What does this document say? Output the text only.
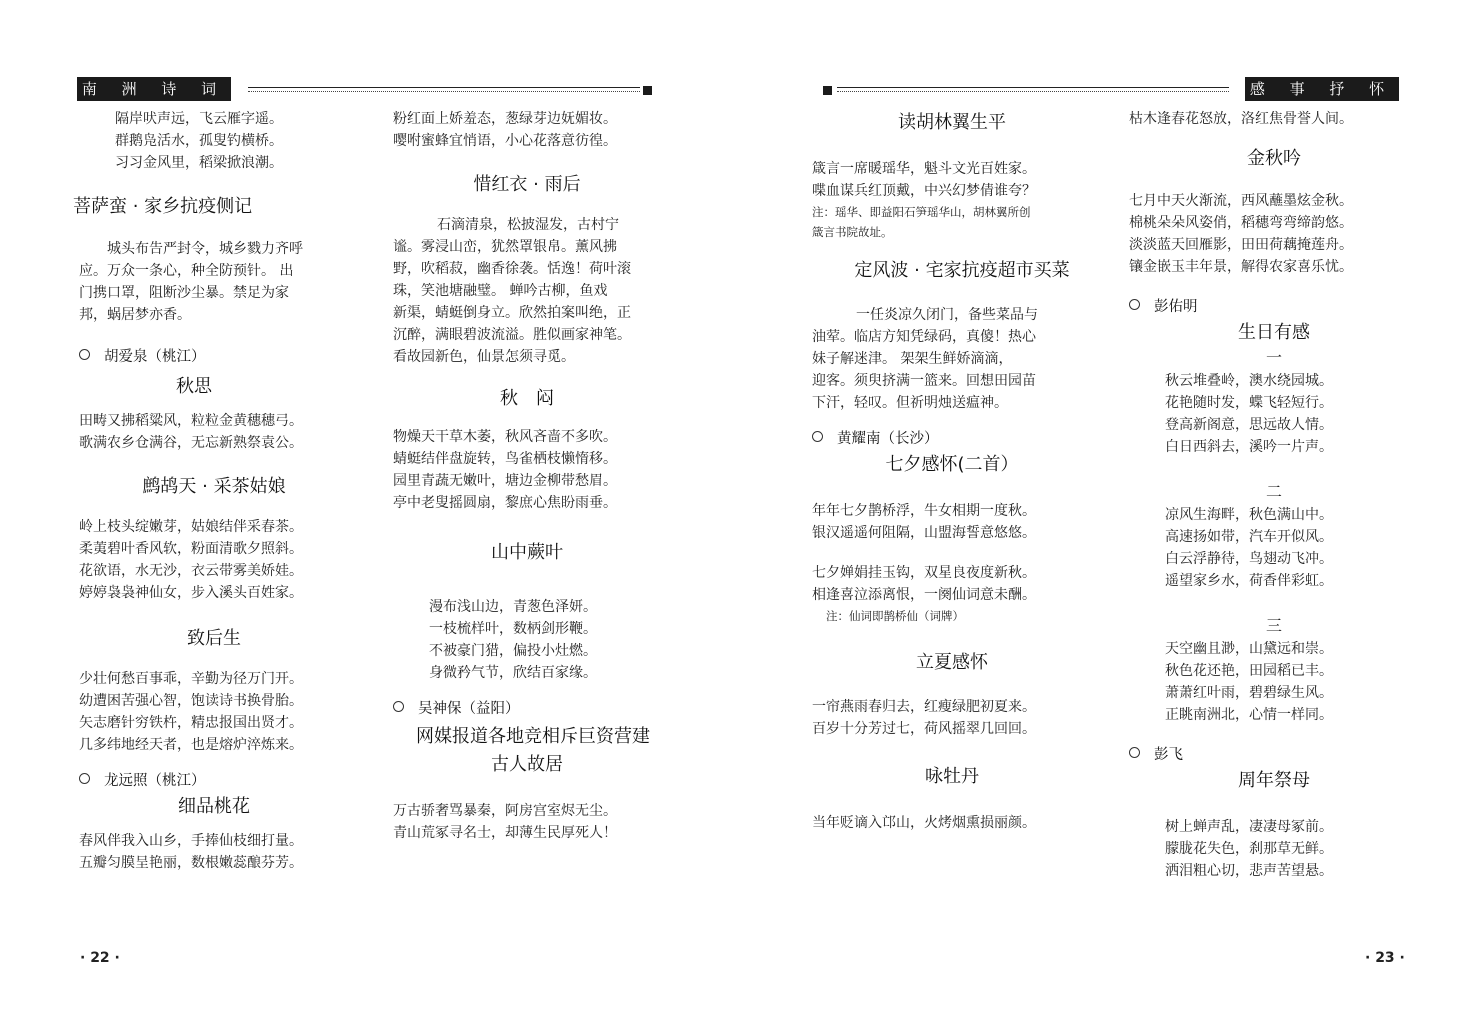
南 洲 诗 词

隔岸吠声远，飞云雁字遥。

群鹅凫活水，孤叟钓横桥。

习习金风里，稻梁掀浪潮。

菩萨蛮 · 家乡抗疫侧记

城头布告严封令，城乡戮力齐呼

应。万众一条心，种全防预针。 出

门携口罩，阻断沙尘暴。禁足为家

邦，蜗居梦亦香。

胡爱泉（桃江）

秋思

田畴又拂稻粱风，粒粒金黄穗穗弓。

歌满农乡仓满谷，无忘新熟祭袁公。

鹧鸪天 · 采茶姑娘

岭上枝头绽嫩芽，姑娘结伴采春茶。

柔荑碧叶香风软，粉面清歌夕照斜。

花欲语，水无沙，衣云带雾美娇娃。

婷婷袅袅神仙女，步入溪头百姓家。

致后生

少壮何愁百事乖，辛勤为径万门开。

幼遭困苦强心智，饱读诗书换骨胎。

矢志磨针穷铁杵，精忠报国出贤才。

几多纬地经天者，也是熔炉淬炼来。

龙远照（桃江）

细品桃花

春风伴我入山乡，手捧仙枝细打量。

五瓣匀膜呈艳丽，数根嫩蕊酿芬芳。

粉红面上娇羞态，葱绿芽边妩媚妆。

嘤咐蜜蜂宜悄语，小心花落意彷徨。

惜红衣 · 雨后

石滴清泉，松披湿发，古村宁

谧。雾浸山峦，犹然罩银帛。薰风拂

野，吹稻菽，幽香徐袭。恬逸！荷叶滚

珠，笑池塘融璧。 蝉吟古柳，鱼戏

新渠，蜻蜓倒身立。欣然拍案叫绝，正

沉醉，满眼碧波流溢。胜似画家神笔。

看故园新色，仙景怎须寻觅。

秋　闷

物燥天干草木萎，秋风吝啬不多吹。

蜻蜓结伴盘旋转，鸟雀栖枝懒惰移。

园里青蔬无嫩叶，塘边金柳带愁眉。

亭中老叟摇圆扇，黎庶心焦盼雨垂。

山中蕨叶

漫布浅山边，青葱色泽妍。

一枝梳样叶，数柄剑形鞭。

不被豪门猎，偏投小灶燃。

身微矜气节，欣结百家缘。

吴神保（益阳）

网媒报道各地竞相斥巨资营建

古人故居

万古骄奢骂暴秦，阿房宫室烬无尘。

青山荒冢寻名士，却薄生民厚死人！

· 22 ·
感 事 抒 怀

读胡林翼生平

箴言一席暖瑶华，魁斗文光百姓家。

喋血谋兵红顶戴，中兴幻梦倩谁夸？

注：瑶华、即益阳石笋瑶华山，胡林翼所创

箴言书院故址。

定风波 · 宅家抗疫超市买菜

一任炎凉久闭门，备些菜品与

油荤。临店方知凭绿码，真傻！热心

妹子解迷津。 架架生鲜娇滴滴，

迎客。须臾挤满一篮来。回想田园苗

下汗，轻叹。但祈明烛送瘟神。

黄耀南（长沙）

七夕感怀(二首）

年年七夕鹊桥浮，牛女相期一度秋。

银汉遥遥何阻隔，山盟海誓意悠悠。

七夕婵娟挂玉钩，双星良夜度新秋。

相逢喜泣添离恨，一阕仙词意未酬。

注：仙词即鹊桥仙（词牌）

立夏感怀

一帘燕雨春归去，红瘦绿肥初夏来。

百岁十分芳过七，荷风摇翠几回回。

咏牡丹

当年贬谪入邙山，火烤烟熏损丽颜。

枯木逢春花怒放，洛红焦骨誉人间。

金秋吟

七月中天火渐流，西风蘸墨炫金秋。

棉桃朵朵风姿俏，稻穗弯弯缔韵悠。

淡淡蓝天回雁影，田田荷藕掩莲舟。

镶金嵌玉丰年景，解得农家喜乐忧。

彭佑明

生日有感

一

秋云堆叠岭，澳水绕园城。

花艳随时发，蝶飞轻短行。

登高新阁意，思远故人情。

白日西斜去，溪吟一片声。

二

凉风生海畔，秋色满山中。

高速扬如带，汽车开似风。

白云浮静待，鸟翅动飞冲。

遥望家乡水，荷香伴彩虹。

三

天空幽且渺，山黛远和崇。

秋色花还艳，田园稻已丰。

萧萧红叶雨，碧碧绿生风。

正眺南洲北，心情一样同。

彭飞

周年祭母

树上蝉声乱，凄凄母冢前。

朦胧花失色，刹那草无鲜。

洒泪粗心切，悲声苦望悬。

· 23 ·
